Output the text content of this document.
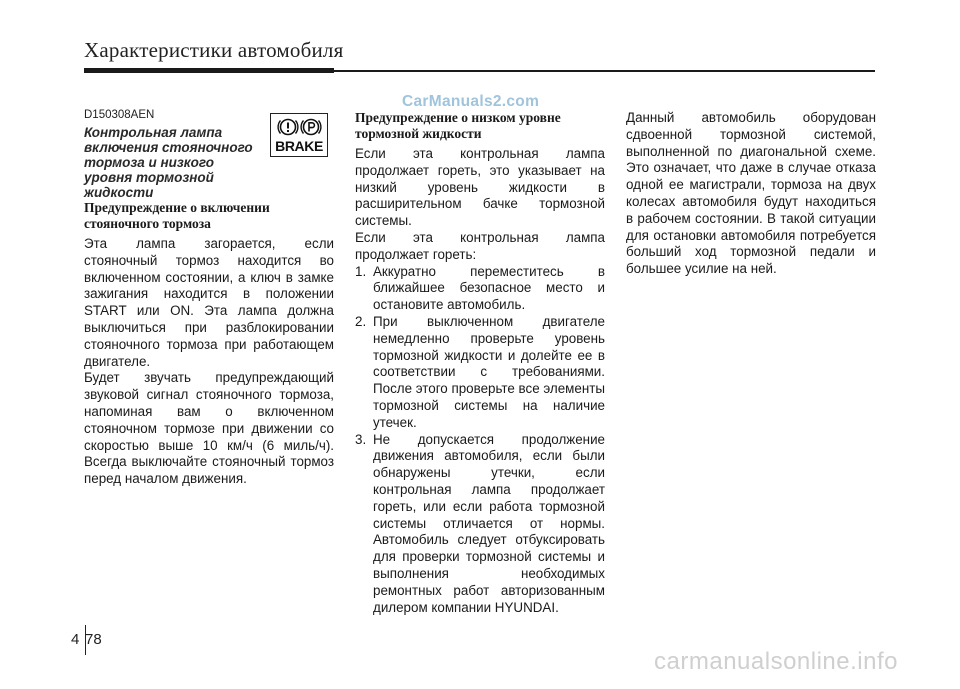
Характеристики автомобиля
CarManuals2.com
D150308AEN
Контрольная лампа включения стояночного тормоза и низкого уровня тормозной жидкости
BRAKE
Предупреждение о включении стояночного тормоза

Эта лампа загорается, если стояночный тормоз находится во включенном состоянии, а ключ в замке зажигания находится в положении START или ON. Эта лампа должна выключиться при разблокировании стояночного тормоза при работающем двигателе.

Будет звучать предупреждающий звуковой сигнал стояночного тормоза, напоминая вам о включенном стояночном тормозе при движении со скоростью выше 10 км/ч (6 миль/ч). Всегда выключайте стояночный тормоз перед началом движения.

Предупреждение о низком уровне тормозной жидкости

Если эта контрольная лампа продолжает гореть, это указывает на низкий уровень жидкости в расширительном бачке тормозной системы.

Если эта контрольная лампа продолжает гореть:

1. Аккуратно переместитесь в ближайшее безопасное место и остановите автомобиль.
2. При выключенном двигателе немедленно проверьте уровень тормозной жидкости и долейте ее в соответствии с требованиями. После этого проверьте все элементы тормозной системы на наличие утечек.
3. Не допускается продолжение движения автомобиля, если были обнаружены утечки, если контрольная лампа продолжает гореть, или если работа тормозной системы отличается от нормы. Автомобиль следует отбуксировать для проверки тормозной системы и выполнения необходимых ремонтных работ авторизованным дилером компании HYUNDAI.

Данный автомобиль оборудован сдвоенной тормозной системой, выполненной по диагональной схеме. Это означает, что даже в случае отказа одной ее магистрали, тормоза на двух колесах автомобиля будут находиться в рабочем состоянии. В такой ситуации для остановки автомобиля потребуется больший ход тормозной педали и большее усилие на ней.

4 78
carmanualsonline.info
